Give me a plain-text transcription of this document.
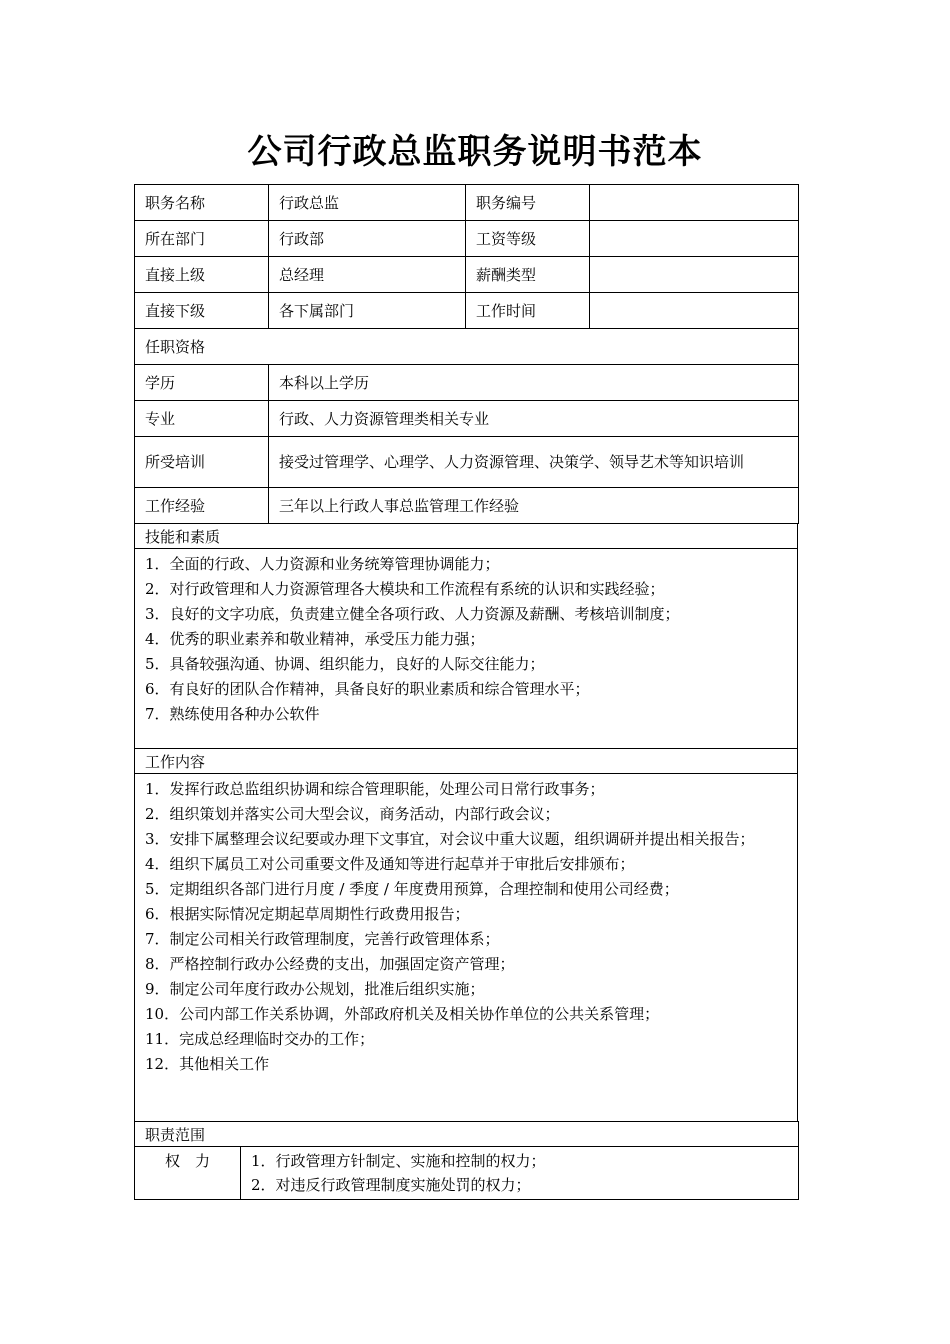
公司行政总监职务说明书范本
职务名称	行政总监	职务编号	
所在部门	行政部	工资等级	
直接上级	总经理	薪酬类型	
直接下级	各下属部门	工作时间	
任职资格	
学历	本科以上学历
专业	行政、人力资源管理类相关专业
所受培训	接受过管理学、心理学、人力资源管理、决策学、领导艺术等知识培训
工作经验	三年以上行政人事总监管理工作经验
技能和素质

1．全面的行政、人力资源和业务统筹管理协调能力；
2．对行政管理和人力资源管理各大模块和工作流程有系统的认识和实践经验；
3．良好的文字功底，负责建立健全各项行政、人力资源及薪酬、考核培训制度；
4．优秀的职业素养和敬业精神，承受压力能力强；
5．具备较强沟通、协调、组织能力，良好的人际交往能力；
6．有良好的团队合作精神，具备良好的职业素质和综合管理水平；
7．熟练使用各种办公软件
工作内容

1．发挥行政总监组织协调和综合管理职能，处理公司日常行政事务；
2．组织策划并落实公司大型会议，商务活动，内部行政会议；
3．安排下属整理会议纪要或办理下文事宜，对会议中重大议题，组织调研并提出相关报告；
4．组织下属员工对公司重要文件及通知等进行起草并于审批后安排颁布；
5．定期组织各部门进行月度 / 季度 / 年度费用预算，合理控制和使用公司经费；
6．根据实际情况定期起草周期性行政费用报告；
7．制定公司相关行政管理制度，完善行政管理体系；
8．严格控制行政办公经费的支出，加强固定资产管理；
9．制定公司年度行政办公规划，批准后组织实施；
10．公司内部工作关系协调，外部政府机关及相关协作单位的公共关系管理；
11．完成总经理临时交办的工作；
12．其他相关工作
职责范围
权　力	1．行政管理方针制定、实施和控制的权力；
2．对违反行政管理制度实施处罚的权力；
